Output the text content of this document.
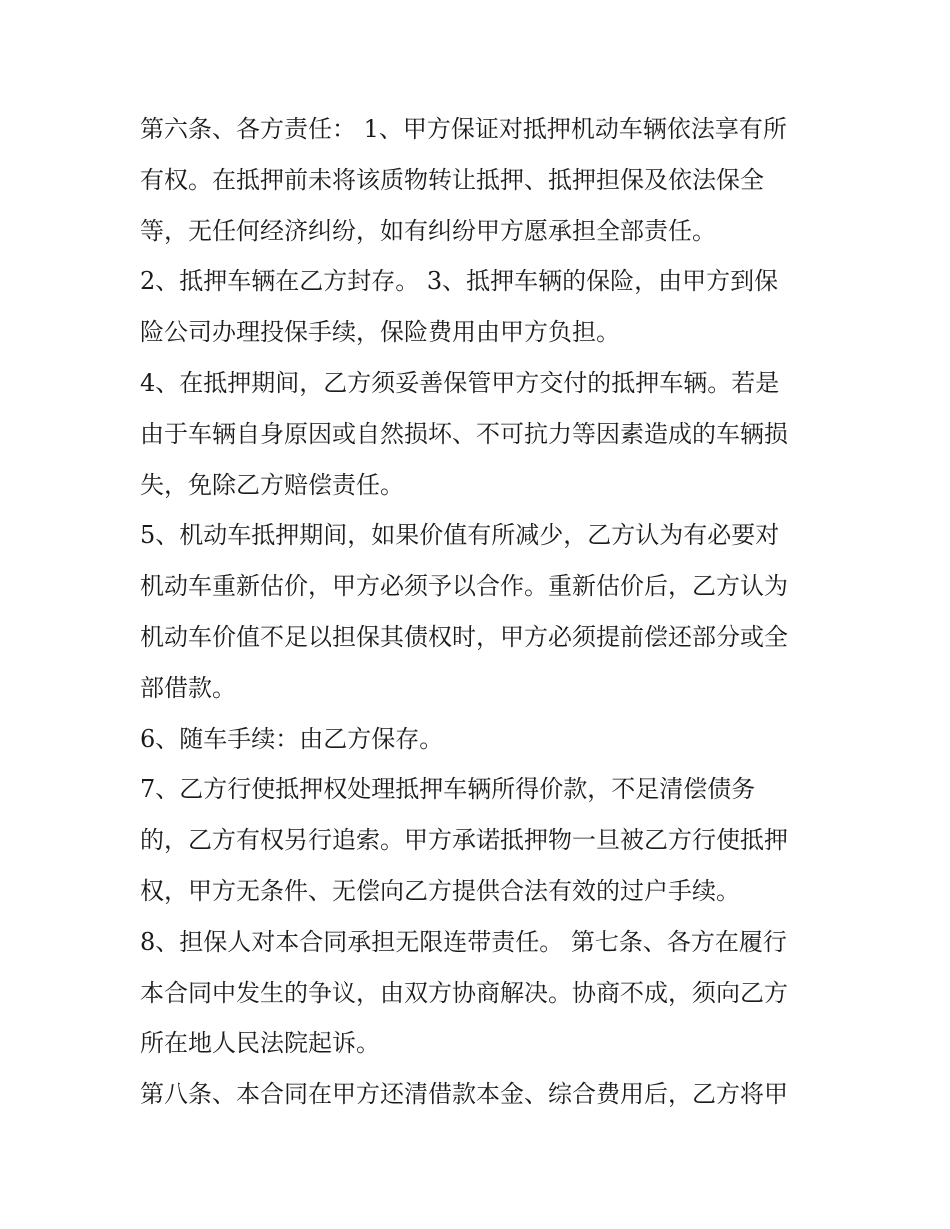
第六条、各方责任： 1、甲方保证对抵押机动车辆依法享有所

有权。在抵押前未将该质物转让抵押、抵押担保及依法保全

等，无任何经济纠纷，如有纠纷甲方愿承担全部责任。

2、抵押车辆在乙方封存。 3、抵押车辆的保险，由甲方到保

险公司办理投保手续，保险费用由甲方负担。

4、在抵押期间，乙方须妥善保管甲方交付的抵押车辆。若是

由于车辆自身原因或自然损坏、不可抗力等因素造成的车辆损

失，免除乙方赔偿责任。

5、机动车抵押期间，如果价值有所减少，乙方认为有必要对

机动车重新估价，甲方必须予以合作。重新估价后，乙方认为

机动车价值不足以担保其债权时，甲方必须提前偿还部分或全

部借款。

6、随车手续：由乙方保存。

7、乙方行使抵押权处理抵押车辆所得价款，不足清偿债务

的，乙方有权另行追索。甲方承诺抵押物一旦被乙方行使抵押

权，甲方无条件、无偿向乙方提供合法有效的过户手续。

8、担保人对本合同承担无限连带责任。 第七条、各方在履行

本合同中发生的争议，由双方协商解决。协商不成，须向乙方

所在地人民法院起诉。

第八条、本合同在甲方还清借款本金、综合费用后，乙方将甲
